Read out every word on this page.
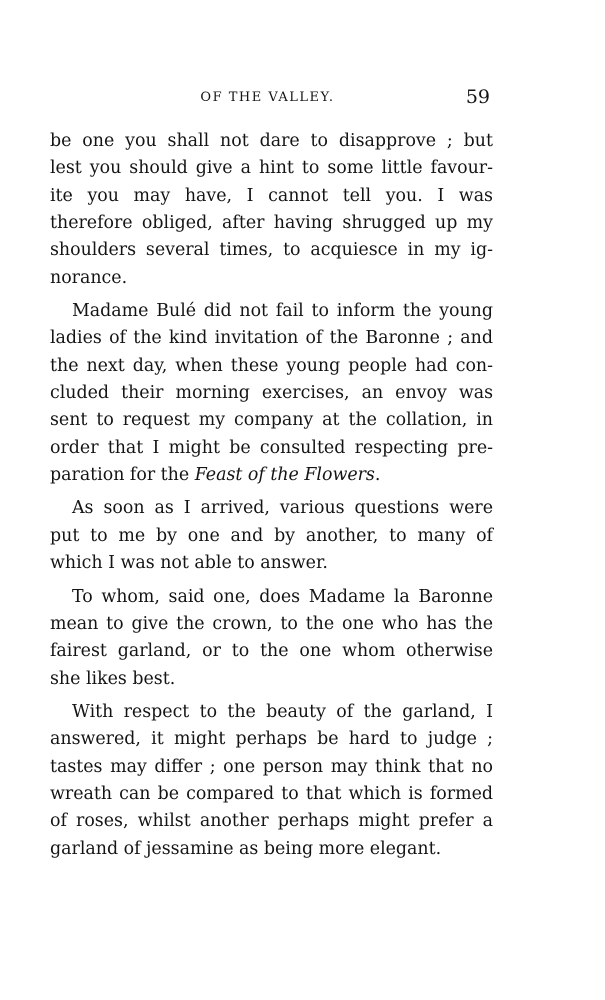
OF THE VALLEY.	59
be one you shall not dare to disapprove ; but
lest you should give a hint to some little favour-
ite you may have, I cannot tell you. I was
therefore obliged, after having shrugged up my
shoulders several times, to acquiesce in my ig-
norance.
Madame Bulé did not fail to inform the young
ladies of the kind invitation of the Baronne ; and
the next day, when these young people had con-
cluded their morning exercises, an envoy was
sent to request my company at the collation, in
order that I might be consulted respecting pre-
paration for the Feast of the Flowers.
As soon as I arrived, various questions were
put to me by one and by another, to many of
which I was not able to answer.
To whom, said one, does Madame la Baronne
mean to give the crown, to the one who has the
fairest garland, or to the one whom otherwise
she likes best.
With respect to the beauty of the garland, I
answered, it might perhaps be hard to judge ;
tastes may differ ; one person may think that no
wreath can be compared to that which is formed
of roses, whilst another perhaps might prefer a
garland of jessamine as being more elegant.
